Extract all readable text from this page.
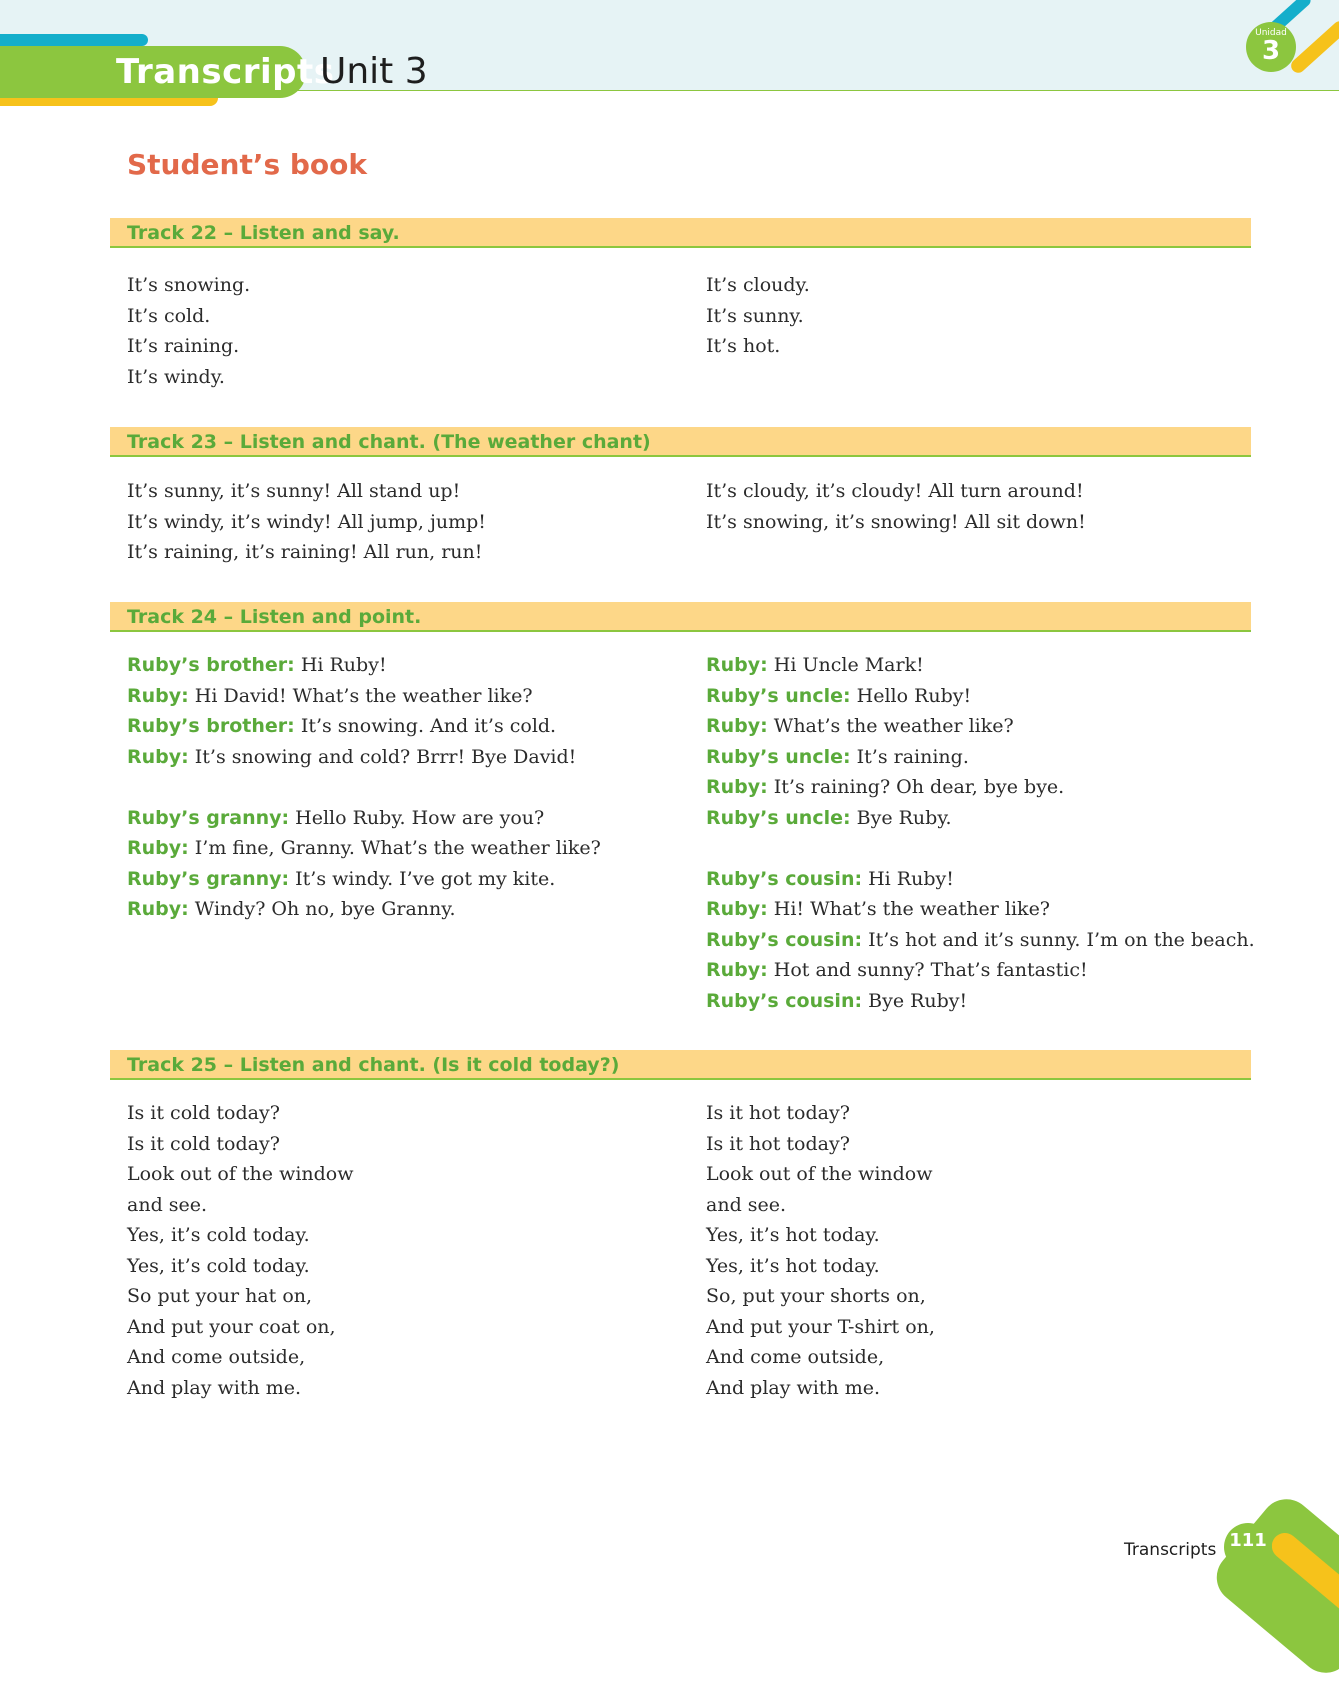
Transcripts
Unit 3
Unidad
3
Student’s book
Track 22 – Listen and say.
It’s snowing.
It’s cold.
It’s raining.
It’s windy.
It’s cloudy.
It’s sunny.
It’s hot.
Track 23 – Listen and chant. (The weather chant)
It’s sunny, it’s sunny! All stand up!
It’s windy, it’s windy! All jump, jump!
It’s raining, it’s raining! All run, run!
It’s cloudy, it’s cloudy! All turn around!
It’s snowing, it’s snowing! All sit down!
Track 24 – Listen and point.
Ruby’s brother: Hi Ruby!
Ruby: Hi David! What’s the weather like?
Ruby’s brother: It’s snowing. And it’s cold.
Ruby: It’s snowing and cold? Brrr! Bye David!
Ruby’s granny: Hello Ruby. How are you?
Ruby: I’m fine, Granny. What’s the weather like?
Ruby’s granny: It’s windy. I’ve got my kite.
Ruby: Windy? Oh no, bye Granny.
Ruby: Hi Uncle Mark!
Ruby’s uncle: Hello Ruby!
Ruby: What’s the weather like?
Ruby’s uncle: It’s raining.
Ruby: It’s raining? Oh dear, bye bye.
Ruby’s uncle: Bye Ruby.
Ruby’s cousin: Hi Ruby!
Ruby: Hi! What’s the weather like?
Ruby’s cousin: It’s hot and it’s sunny. I’m on the beach.
Ruby: Hot and sunny? That’s fantastic!
Ruby’s cousin: Bye Ruby!
Track 25 – Listen and chant. (Is it cold today?)
Is it cold today?
Is it cold today?
Look out of the window
and see.
Yes, it’s cold today.
Yes, it’s cold today.
So put your hat on,
And put your coat on,
And come outside,
And play with me.
Is it hot today?
Is it hot today?
Look out of the window
and see.
Yes, it’s hot today.
Yes, it’s hot today.
So, put your shorts on,
And put your T-shirt on,
And come outside,
And play with me.
Transcripts 111
